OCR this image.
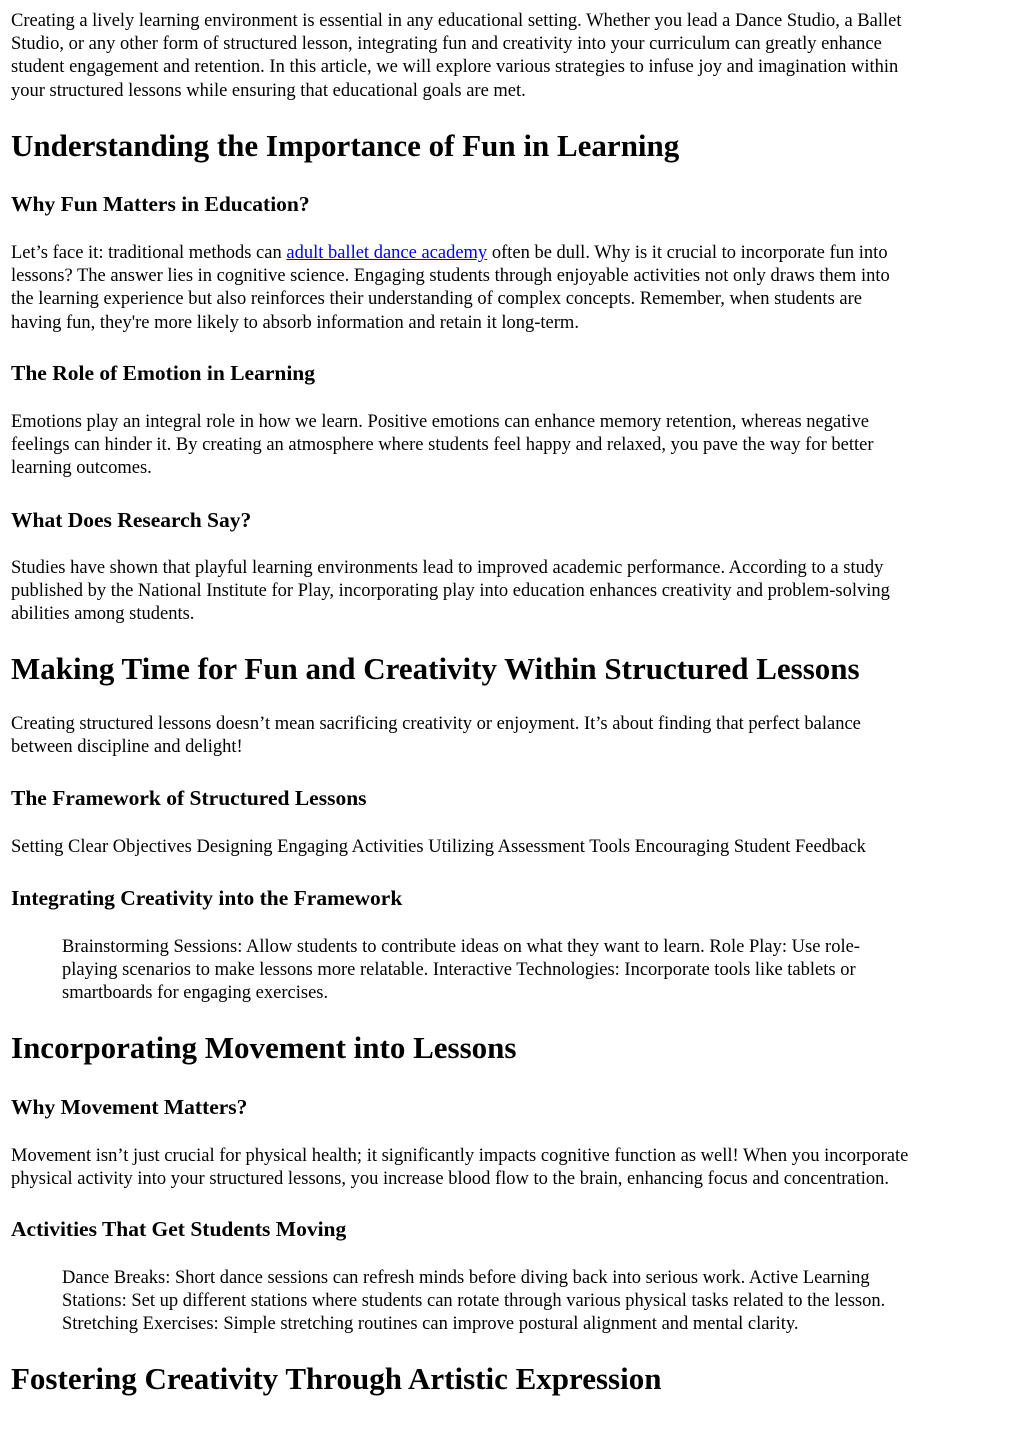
Creating a lively learning environment is essential in any educational setting. Whether you lead a Dance Studio, a Ballet
Studio, or any other form of structured lesson, integrating fun and creativity into your curriculum can greatly enhance
student engagement and retention. In this article, we will explore various strategies to infuse joy and imagination within
your structured lessons while ensuring that educational goals are met.
Understanding the Importance of Fun in Learning
Why Fun Matters in Education?
Let’s face it: traditional methods can adult ballet dance academy often be dull. Why is it crucial to incorporate fun into
lessons? The answer lies in cognitive science. Engaging students through enjoyable activities not only draws them into
the learning experience but also reinforces their understanding of complex concepts. Remember, when students are
having fun, they're more likely to absorb information and retain it long-term.
The Role of Emotion in Learning
Emotions play an integral role in how we learn. Positive emotions can enhance memory retention, whereas negative
feelings can hinder it. By creating an atmosphere where students feel happy and relaxed, you pave the way for better
learning outcomes.
What Does Research Say?
Studies have shown that playful learning environments lead to improved academic performance. According to a study
published by the National Institute for Play, incorporating play into education enhances creativity and problem-solving
abilities among students.
Making Time for Fun and Creativity Within Structured Lessons
Creating structured lessons doesn’t mean sacrificing creativity or enjoyment. It’s about finding that perfect balance
between discipline and delight!
The Framework of Structured Lessons
Setting Clear Objectives Designing Engaging Activities Utilizing Assessment Tools Encouraging Student Feedback
Integrating Creativity into the Framework
Brainstorming Sessions: Allow students to contribute ideas on what they want to learn. Role Play: Use role-
playing scenarios to make lessons more relatable. Interactive Technologies: Incorporate tools like tablets or
smartboards for engaging exercises.
Incorporating Movement into Lessons
Why Movement Matters?
Movement isn’t just crucial for physical health; it significantly impacts cognitive function as well! When you incorporate
physical activity into your structured lessons, you increase blood flow to the brain, enhancing focus and concentration.
Activities That Get Students Moving
Dance Breaks: Short dance sessions can refresh minds before diving back into serious work. Active Learning
Stations: Set up different stations where students can rotate through various physical tasks related to the lesson.
Stretching Exercises: Simple stretching routines can improve postural alignment and mental clarity.
Fostering Creativity Through Artistic Expression
